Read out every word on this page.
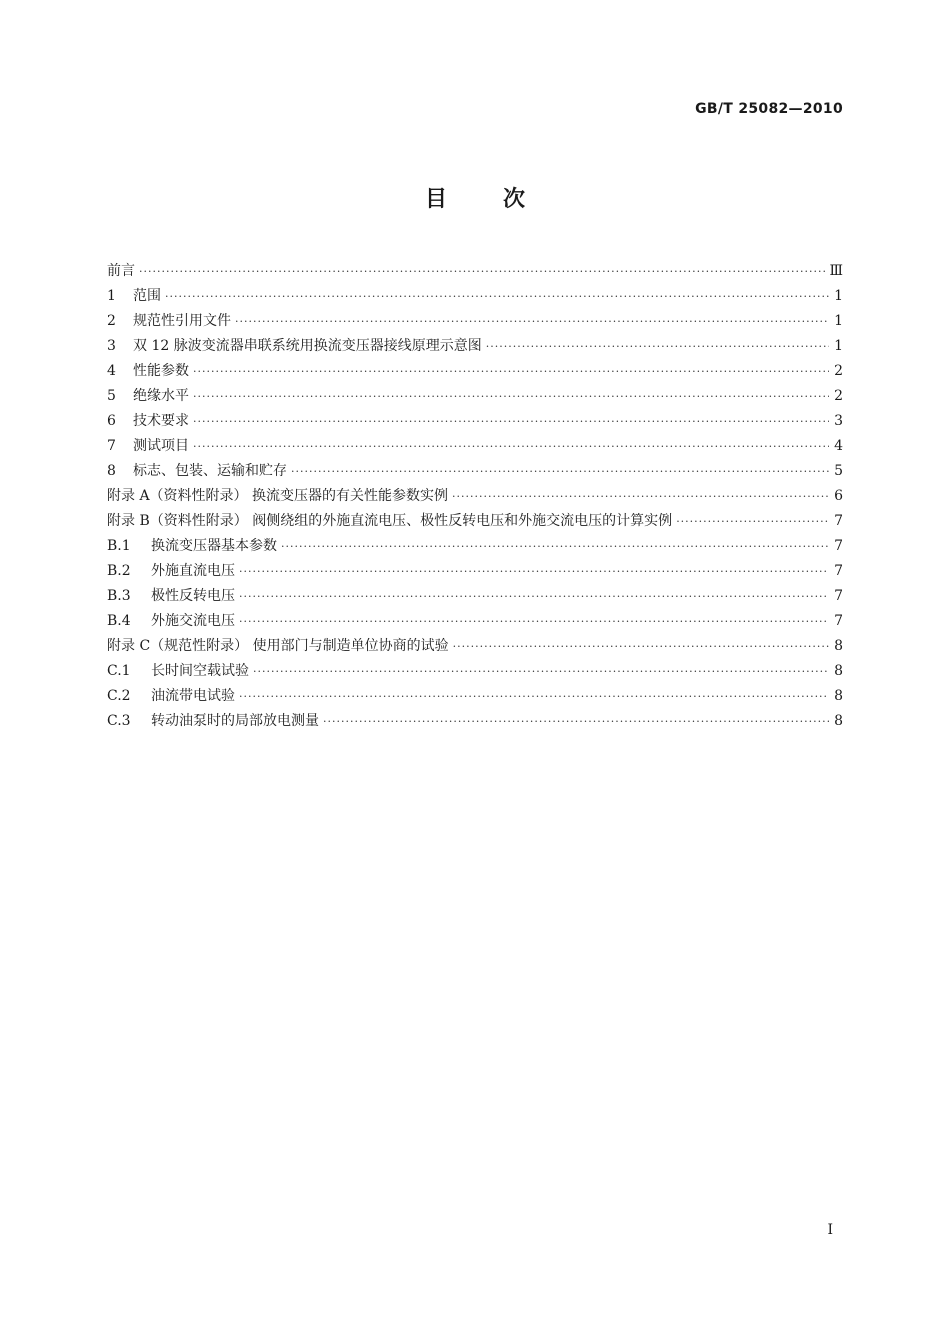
GB/T 25082—2010
目	次
前言 ·····	Ⅲ
1 范围 ·····	1
2 规范性引用文件 ·····	1
3 双 12 脉波变流器串联系统用换流变压器接线原理示意图 ·····	1
4 性能参数 ·····	2
5 绝缘水平 ·····	2
6 技术要求 ·····	3
7 测试项目 ·····	4
8 标志、包装、运输和贮存 ·····	5
附录 A（资料性附录） 换流变压器的有关性能参数实例 ·····	6
附录 B（资料性附录） 阀侧绕组的外施直流电压、极性反转电压和外施交流电压的计算实例 ·····	7
B.1 换流变压器基本参数 ·····	7
B.2 外施直流电压 ·····	7
B.3 极性反转电压 ·····	7
B.4 外施交流电压 ·····	7
附录 C（规范性附录） 使用部门与制造单位协商的试验 ·····	8
C.1 长时间空载试验 ·····	8
C.2 油流带电试验 ·····	8
C.3 转动油泵时的局部放电测量 ·····	8
I
